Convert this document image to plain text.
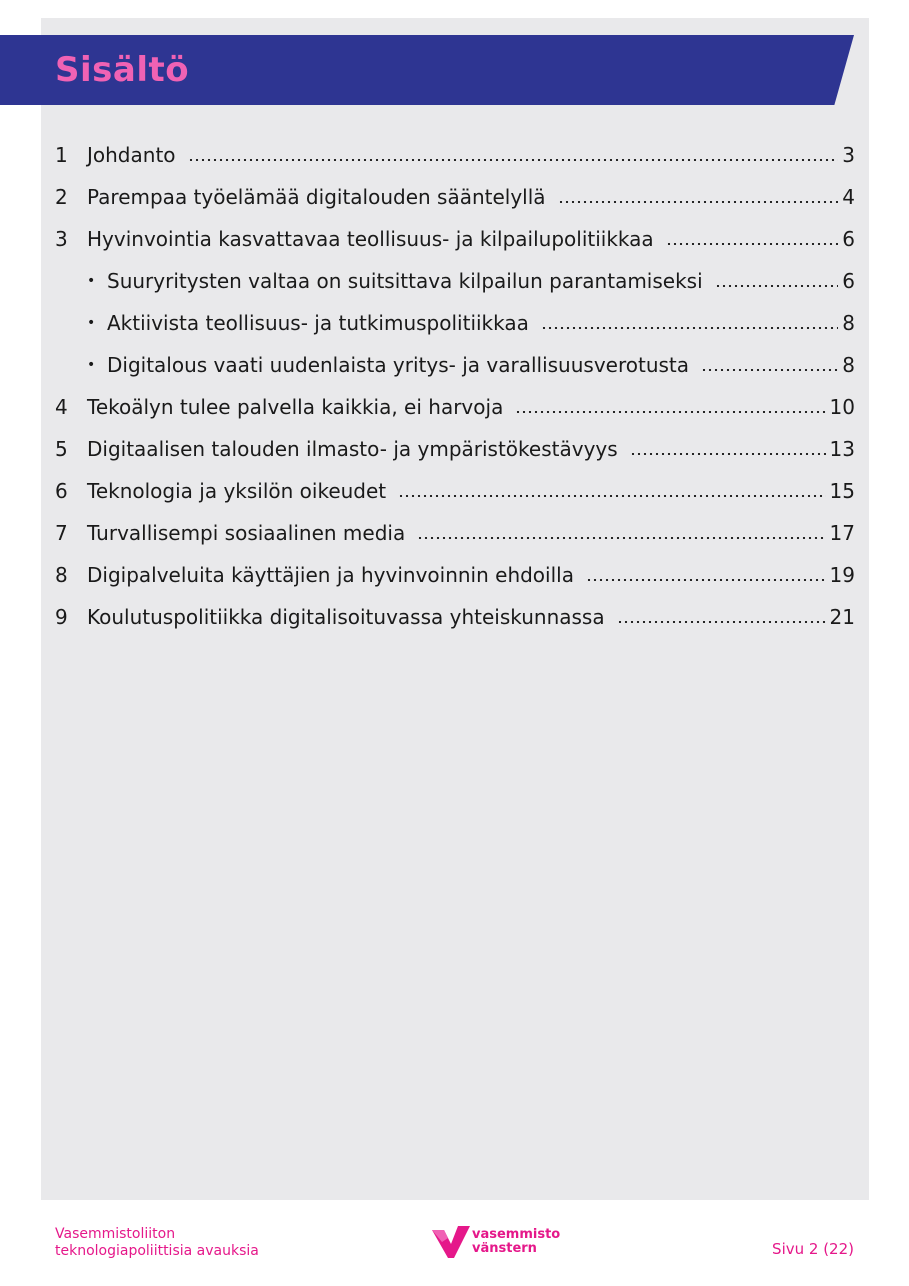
Sisältö
1 Johdanto	3
2 Parempaa työelämää digitalouden sääntelyllä	4
3 Hyvinvointia kasvattavaa teollisuus- ja kilpailupolitiikkaa	6
• Suuryritysten valtaa on suitsittava kilpailun parantamiseksi	6
• Aktiivista teollisuus- ja tutkimuspolitiikkaa	8
• Digitalous vaati uudenlaista yritys- ja varallisuusverotusta	8
4 Tekoälyn tulee palvella kaikkia, ei harvoja	10
5 Digitaalisen talouden ilmasto- ja ympäristökestävyys	13
6 Teknologia ja yksilön oikeudet	15
7 Turvallisempi sosiaalinen media	17
8 Digipalveluita käyttäjien ja hyvinvoinnin ehdoilla	19
9 Koulutuspolitiikka digitalisoituvassa yhteiskunnassa	21
Vasemmistoliiton
teknologiapoliittisia avauksia
vasemmisto
vänstern	Sivu 2 (22)
